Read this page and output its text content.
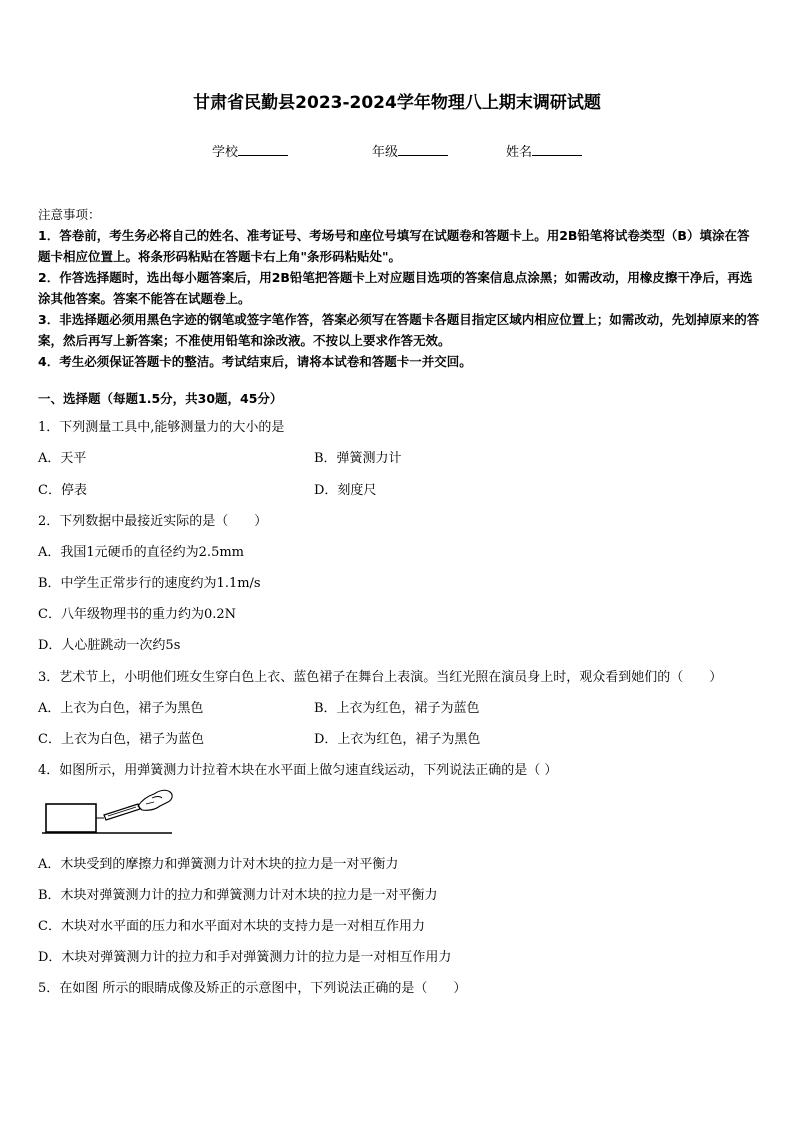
甘肃省民勤县2023-2024学年物理八上期末调研试题
学校	年级	姓名

注意事项：

1．答卷前，考生务必将自己的姓名、准考证号、考场号和座位号填写在试题卷和答题卡上。用2B铅笔将试卷类型（B）填涂在答题卡相应位置上。将条形码粘贴在答题卡右上角"条形码粘贴处"。

2．作答选择题时，选出每小题答案后，用2B铅笔把答题卡上对应题目选项的答案信息点涂黑；如需改动，用橡皮擦干净后，再选涂其他答案。答案不能答在试题卷上。

3．非选择题必须用黑色字迹的钢笔或签字笔作答，答案必须写在答题卡各题目指定区域内相应位置上；如需改动，先划掉原来的答案，然后再写上新答案；不准使用铅笔和涂改液。不按以上要求作答无效。

4．考生必须保证答题卡的整洁。考试结束后，请将本试卷和答题卡一并交回。

一、选择题（每题1.5分，共30题，45分）
1．下列测量工具中,能够测量力的大小的是
A．天平	B．弹簧测力计
C．停表	D．刻度尺
2．下列数据中最接近实际的是（　　）
A．我国1元硬币的直径约为2.5mm
B．中学生正常步行的速度约为1.1m/s
C．八年级物理书的重力约为0.2N
D．人心脏跳动一次约5s
3．艺术节上，小明他们班女生穿白色上衣、蓝色裙子在舞台上表演。当红光照在演员身上时，观众看到她们的（　　）
A．上衣为白色，裙子为黑色	B．上衣为红色，裙子为蓝色
C．上衣为白色，裙子为蓝色	D．上衣为红色，裙子为黑色
4．如图所示，用弹簧测力计拉着木块在水平面上做匀速直线运动，下列说法正确的是（ ）
A．木块受到的摩擦力和弹簧测力计对木块的拉力是一对平衡力
B．木块对弹簧测力计的拉力和弹簧测力计对木块的拉力是一对平衡力
C．木块对水平面的压力和水平面对木块的支持力是一对相互作用力
D．木块对弹簧测力计的拉力和手对弹簧测力计的拉力是一对相互作用力
5．在如图 所示的眼睛成像及矫正的示意图中，下列说法正确的是（　　）
